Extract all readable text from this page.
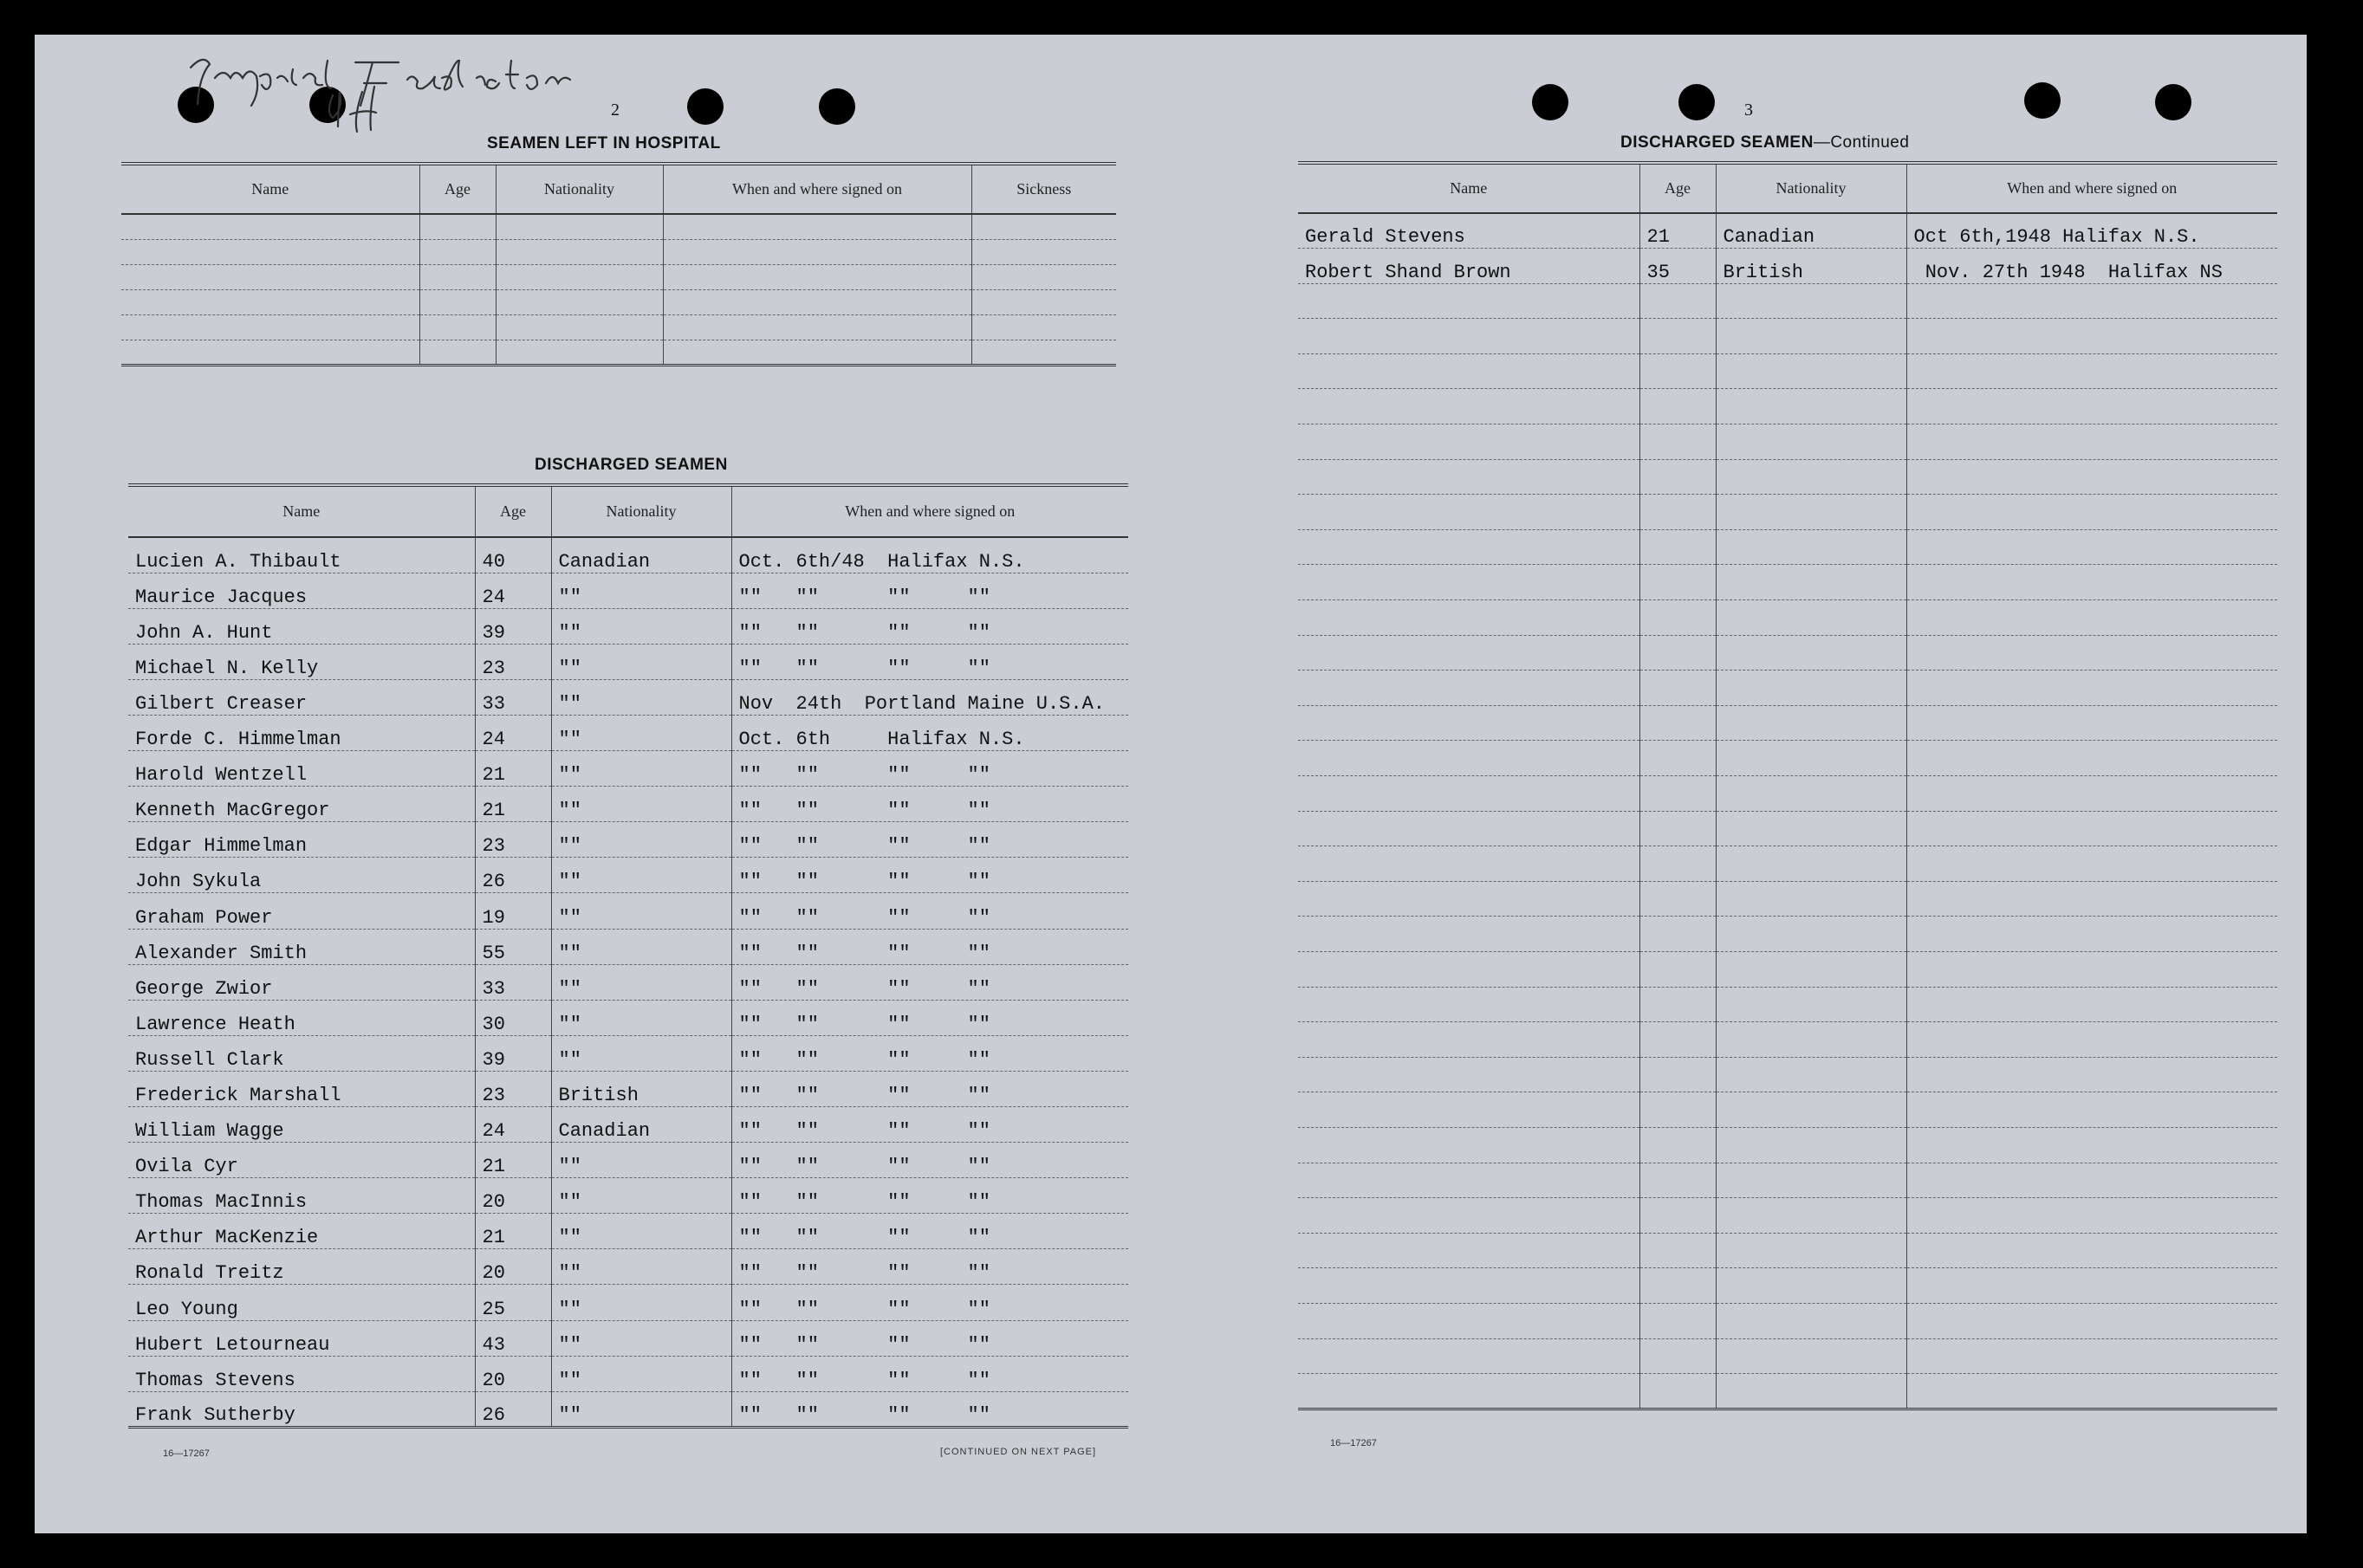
2
SEAMEN LEFT IN HOSPITAL
Name	Age	Nationality	When and where signed on	Sickness

DISCHARGED SEAMEN
Name	Age	Nationality	When and where signed on
Lucien A. Thibault	40	Canadian	Oct. 6th/48  Halifax N.S.
Maurice Jacques	24	""	""   ""      ""     ""
John A. Hunt	39	""	""   ""      ""     ""
Michael N. Kelly	23	""	""   ""      ""     ""
Gilbert Creaser	33	""	Nov  24th  Portland Maine U.S.A.
Forde C. Himmelman	24	""	Oct. 6th     Halifax N.S.
Harold Wentzell	21	""	""   ""      ""     ""
Kenneth MacGregor	21	""	""   ""      ""     ""
Edgar Himmelman	23	""	""   ""      ""     ""
John Sykula	26	""	""   ""      ""     ""
Graham Power	19	""	""   ""      ""     ""
Alexander Smith	55	""	""   ""      ""     ""
George Zwior	33	""	""   ""      ""     ""
Lawrence Heath	30	""	""   ""      ""     ""
Russell Clark	39	""	""   ""      ""     ""
Frederick Marshall	23	British	""   ""      ""     ""
William Wagge	24	Canadian	""   ""      ""     ""
Ovila Cyr	21	""	""   ""      ""     ""
Thomas MacInnis	20	""	""   ""      ""     ""
Arthur MacKenzie	21	""	""   ""      ""     ""
Ronald Treitz	20	""	""   ""      ""     ""
Leo Young	25	""	""   ""      ""     ""
Hubert Letourneau	43	""	""   ""      ""     ""
Thomas Stevens	20	""	""   ""      ""     ""
Frank Sutherby	26	""	""   ""      ""     ""
16—17267	[CONTINUED ON NEXT PAGE]
3
DISCHARGED SEAMEN—Continued
Name	Age	Nationality	When and where signed on
Gerald Stevens	21	Canadian	Oct 6th,1948 Halifax N.S.
Robert Shand Brown	35	British	Nov. 27th 1948  Halifax NS

16—17267
